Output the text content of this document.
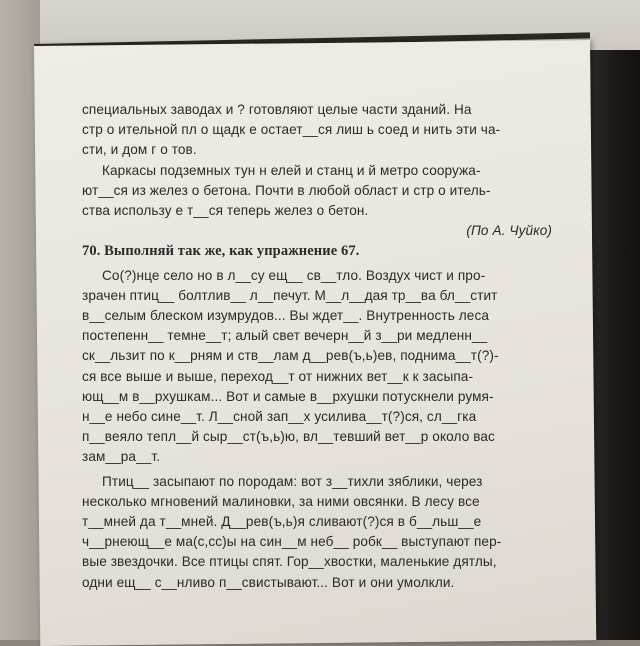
специальных заводах и ? готовляют целые части зданий. На
стр о ительной пл о щадк е остает__ся лиш ь соед и нить эти ча-
сти, и дом г о тов.
Каркасы подземных тун н елей и станц и й метро сооружа-
ют__ся из желез о бетона. Почти в любой област и стр о итель-
ства использу е т__ся теперь желез о бетон.
(По А. Чуйко)
70. Выполняй так же, как упражнение 67.
Со(?)нце село но в л__су ещ__ св__тло. Воздух чист и про-
зрачен птиц__ болтлив__ л__печут. М__л__дая тр__ва бл__стит
в__селым блеском изумрудов... Вы ждет__. Внутренность леса
постепенн__ темне__т; алый свет вечерн__й з__ри медленн__
ск__льзит по к__рням и ств__лам д__рев(ъ,ь)ев, поднима__т(?)-
ся все выше и выше, переход__т от нижних вет__к к засыпа-
ющ__м в__рхушкам... Вот и самые в__рхушки потускнели румя-
н__е небо сине__т. Л__сной зап__х усилива__т(?)ся, сл__гка
п__веяло тепл__й сыр__ст(ъ,ь)ю, вл__тевший вет__р около вас
зам__ра__т.
Птиц__ засыпают по породам: вот з__тихли зяблики, через
несколько мгновений малиновки, за ними овсянки. В лесу все
т__мней да т__мней. Д__рев(ъ,ь)я сливают(?)ся в б__льш__е
ч__рнеющ__е ма(с,сс)ы на син__м неб__ робк__ выступают пер-
вые звездочки. Все птицы спят. Гор__хвостки, маленькие дятлы,
одни ещ__ с__нливо п__свистывают... Вот и они умолкли.
